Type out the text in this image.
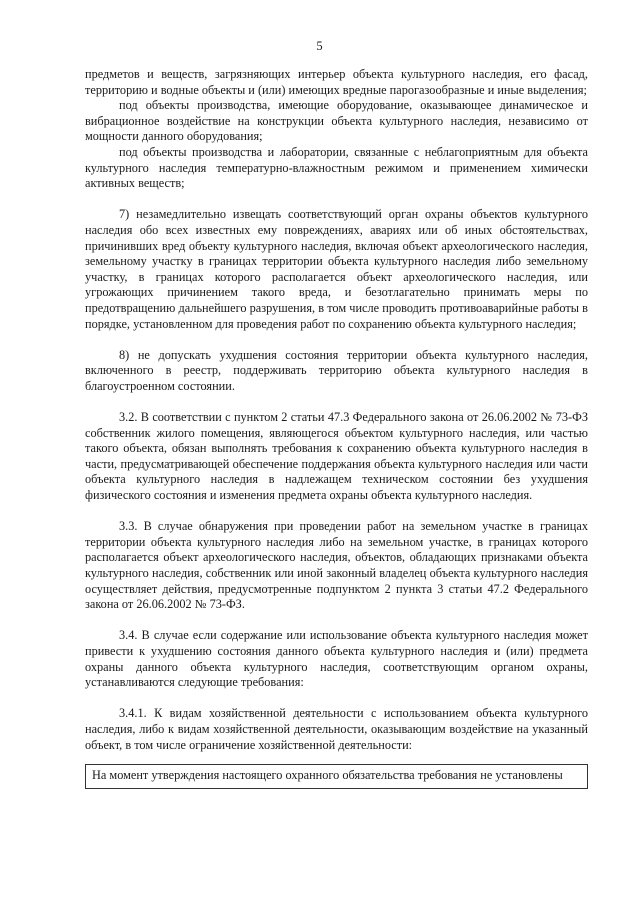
5

предметов и веществ, загрязняющих интерьер объекта культурного наследия, его фасад, территорию и водные объекты и (или) имеющих вредные парогазообразные и иные выделения;

под объекты производства, имеющие оборудование, оказывающее динамическое и вибрационное воздействие на конструкции объекта культурного наследия, независимо от мощности данного оборудования;

под объекты производства и лаборатории, связанные с неблагоприятным для объекта культурного наследия температурно-влажностным режимом и применением химически активных веществ;

7) незамедлительно извещать соответствующий орган охраны объектов культурного наследия обо всех известных ему повреждениях, авариях или об иных обстоятельствах, причинивших вред объекту культурного наследия, включая объект археологического наследия, земельному участку в границах территории объекта культурного наследия либо земельному участку, в границах которого располагается объект археологического наследия, или угрожающих причинением такого вреда, и безотлагательно принимать меры по предотвращению дальнейшего разрушения, в том числе проводить противоаварийные работы в порядке, установленном для проведения работ по сохранению объекта культурного наследия;

8) не допускать ухудшения состояния территории объекта культурного наследия, включенного в реестр, поддерживать территорию объекта культурного наследия в благоустроенном состоянии.

3.2. В соответствии с пунктом 2 статьи 47.3 Федерального закона от 26.06.2002 № 73-ФЗ собственник жилого помещения, являющегося объектом культурного наследия, или частью такого объекта, обязан выполнять требования к сохранению объекта культурного наследия в части, предусматривающей обеспечение поддержания объекта культурного наследия или части объекта культурного наследия в надлежащем техническом состоянии без ухудшения физического состояния и изменения предмета охраны объекта культурного наследия.

3.3. В случае обнаружения при проведении работ на земельном участке в границах территории объекта культурного наследия либо на земельном участке, в границах которого располагается объект археологического наследия, объектов, обладающих признаками объекта культурного наследия, собственник или иной законный владелец объекта культурного наследия осуществляет действия, предусмотренные подпунктом 2 пункта 3 статьи 47.2 Федерального закона от 26.06.2002 № 73-ФЗ.

3.4. В случае если содержание или использование объекта культурного наследия может привести к ухудшению состояния данного объекта культурного наследия и (или) предмета охраны данного объекта культурного наследия, соответствующим органом охраны, устанавливаются следующие требования:

3.4.1. К видам хозяйственной деятельности с использованием объекта культурного наследия, либо к видам хозяйственной деятельности, оказывающим воздействие на указанный объект, в том числе ограничение хозяйственной деятельности:

На момент утверждения настоящего охранного обязательства требования не установлены
